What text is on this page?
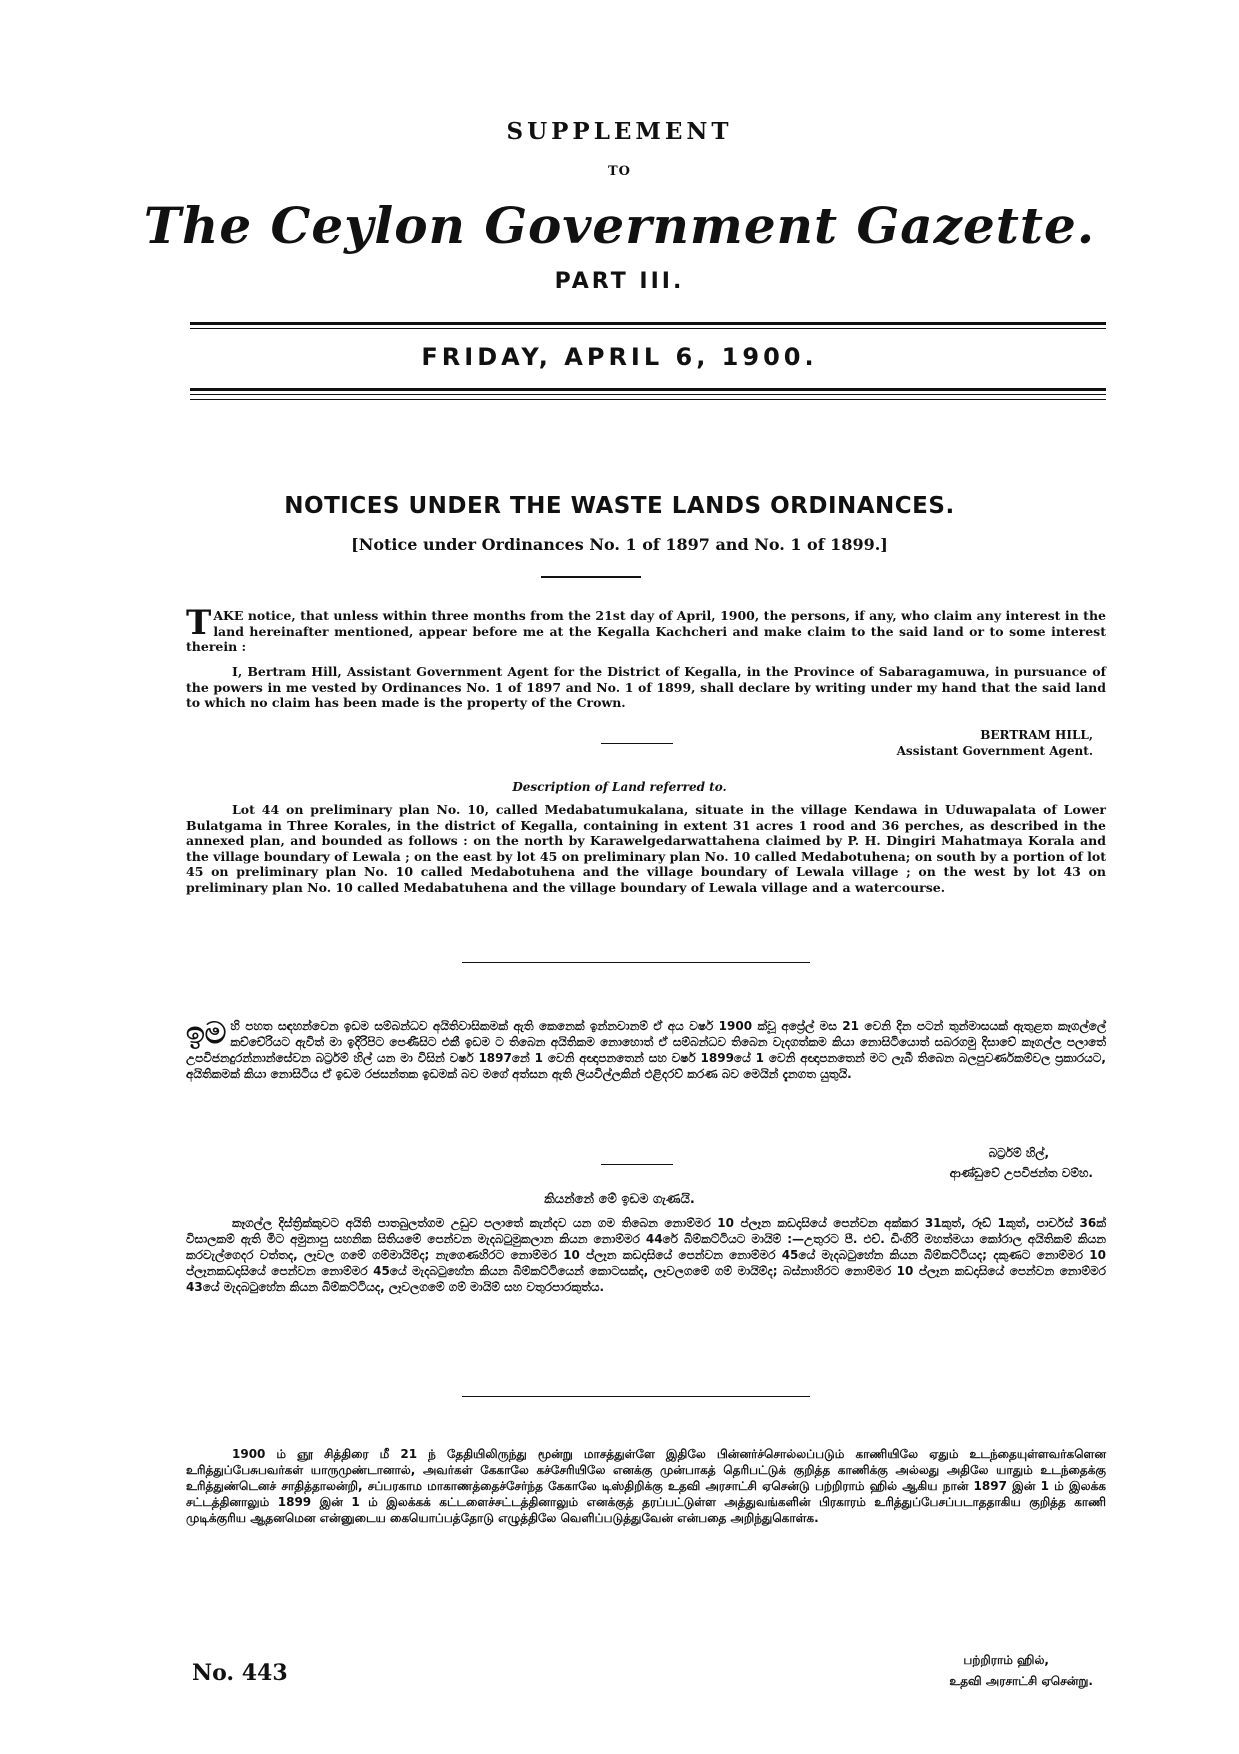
SUPPLEMENT
TO
The Ceylon Government Gazette.
PART III.
FRIDAY, APRIL 6, 1900.
NOTICES UNDER THE WASTE LANDS ORDINANCES.
[Notice under Ordinances No. 1 of 1897 and No. 1 of 1899.]
T AKE notice, that unless within three months from the 21st day of April, 1900, the persons, if any, who claim any interest in the land hereinafter mentioned, appear before me at the Kegalla Kachcheri and make claim to the said land or to some interest therein :
I, Bertram Hill, Assistant Government Agent for the District of Kegalla, in the Province of Sabaragamuwa, in pursuance of the powers in me vested by Ordinances No. 1 of 1897 and No. 1 of 1899, shall declare by writing under my hand that the said land to which no claim has been made is the property of the Crown.
BERTRAM HILL,
Assistant Government Agent.
Description of Land referred to.
Lot 44 on preliminary plan No. 10, called Medabatumukalana, situate in the village Kendawa in Uduwapalata of Lower Bulatgama in Three Korales, in the district of Kegalla, containing in extent 31 acres 1 rood and 36 perches, as described in the annexed plan, and bounded as follows : on the north by Karawelgedarwattahena claimed by P. H. Dingiri Mahatmaya Korala and the village boundary of Lewala ; on the east by lot 45 on preliminary plan No. 10 called Medabotuhena; on south by a portion of lot 45 on preliminary plan No. 10 called Medabotuhena and the village boundary of Lewala village ; on the west by lot 43 on preliminary plan No. 10 called Medabatuhena and the village boundary of Lewala village and a watercourse.
ඉම හි පහත සඳහන්වෙන ඉඩම සම්බන්ධව අයිතිවාසිකමක් ඇති කෙනෙක් ඉන්නවානම් ඒ අය වර්ෂ 1900 ක්වූ අප්‍රේල් මස 21 වෙනි දින පටන් තුන්මාසයක් ඇතුළත කෑගල්ලේ කච්චේරියට ඇවිත් මා ඉදිරිපිට පෙණීසිට එකී ඉඩම ට තිබෙන අයිතිකම නොහොත් ඒ සම්බන්ධව තිබෙන වැදගත්කම කියා නොසිටියොත් සබරගමු දිසාවේ කෑගල්ල පලාතේ උපවිජනදුරන්නාන්සේවන බර්ට්‍රම් හිල් යන මා විසින් වර්ෂ 1897නේ 1 වෙනි අඥාපනතෙන් සහ වර්ෂ 1899යේ 1 වෙනි අඥාපනතෙන් මට ලැබී තිබෙන බලපුවර්ණකම්වල ප්‍රකාරයට, අයිතිකමක් කියා නොසිටිය ඒ ඉඩම රජසන්තක ඉඩමක් බව මගේ අත්සන ඇති ලියවිල්ලකින් එළිදරව් කරණ බව මෙයින් දැනගත යුතුයි.
බර්ට්‍රම් හිල්,
ආණ්ඩුවේ උපවිජන්ත වම්හ.
කියන්නේ මේ ඉඩම ගැණයි.
කෑගල්ල දිස්ත්‍රික්කුවට අයිති පාතබුලත්ගම උඩුව පලාතේ කැන්දව යන ගම තිබෙන නොම්මර 10 ප්ලෑන කඩදාසියේ පෙන්වන අක්කර 31කුත්, රූඩ් 1කුත්, පාර්චස් 36ක් විසාලකම් ඇති මිට අමුනාපු සහනික සිතියමේ පෙන්වන මැදබටුමුකලාන කියන නොම්මර 44රේ බිම්කට්ටියට මායිම් :—උතුරට පී. එච්. ඩිංගිරි මහත්මයා කෝරාල අයිතිකම් කියන කරවැල්ගෙදර වත්තද, ලෑවල ගමේ ගම්මායිම්ද; නැගෙණහිරට නොම්මර 10 ප්ලෑන කඩදාසියේ පෙන්වන නොම්මර 45යේ මැදබටුහේන කියන බිම්කට්ටියද; දකුණට නොම්මර 10 ප්ලෑනකඩදාසියේ පෙන්වන නොම්මර 45යේ මැදබටුහේන කියන බිම්කට්ටියෙන් කොටසක්ද, ලෑවලගමේ ගම් මායිම්ද; බස්නාහිරට නොම්මර 10 ප්ලෑන කඩදාසියේ පෙන්වන නොම්මර 43යේ මැදබටුහේන කියන බිම්කට්ටියද, ලෑවලගමේ ගම් මායිම් සහ වතුරපාරකුත්ය.
1900 ம் ஞூ சித்திரை மீ 21 ந் தேதியிலிருந்து மூன்று மாசத்துள்ளே இதிலே பின்னர்ச்சொல்லப்படும் காணியிலே ஏதும் உடந்தையுள்ளவர்களென உரித்துப்பேசுபவர்கள் யாருமுண்டானால், அவர்கள் கேகாலே கச்சேரியிலே எனக்கு முன்பாகத் தெரிபட்டுக் குறித்த காணிக்கு அல்லது அதிலே யாதும் உடந்தைக்கு உரித்துண்டெனச் சாதித்தாலன்றி, சப்பரகாம மாகாணத்தைச்சேர்ந்த கேகாலே டிஸ்திறிக்கு உதவி அரசாட்சி ஏசென்டு பற்றிராம் ஹில் ஆகிய நான் 1897 இன் 1 ம் இலக்க சட்டத்தினாலும் 1899 இன் 1 ம் இலக்கக் கட்டளைச்சட்டத்தினாலும் எனக்குத் தரப்பட்டுள்ள அத்துவங்களின் பிரகாரம் உரித்துப்பேசப்படாததாகிய குறித்த காணி முடிக்குரிய ஆதனமென என்னுடைய கையொப்பத்தோடு எழுத்திலே வெளிப்படுத்துவேன் என்பதை அறிந்துகொள்க.
பற்றிராம் ஹில்,
உதவி அரசாட்சி ஏசென்று.
No. 443
